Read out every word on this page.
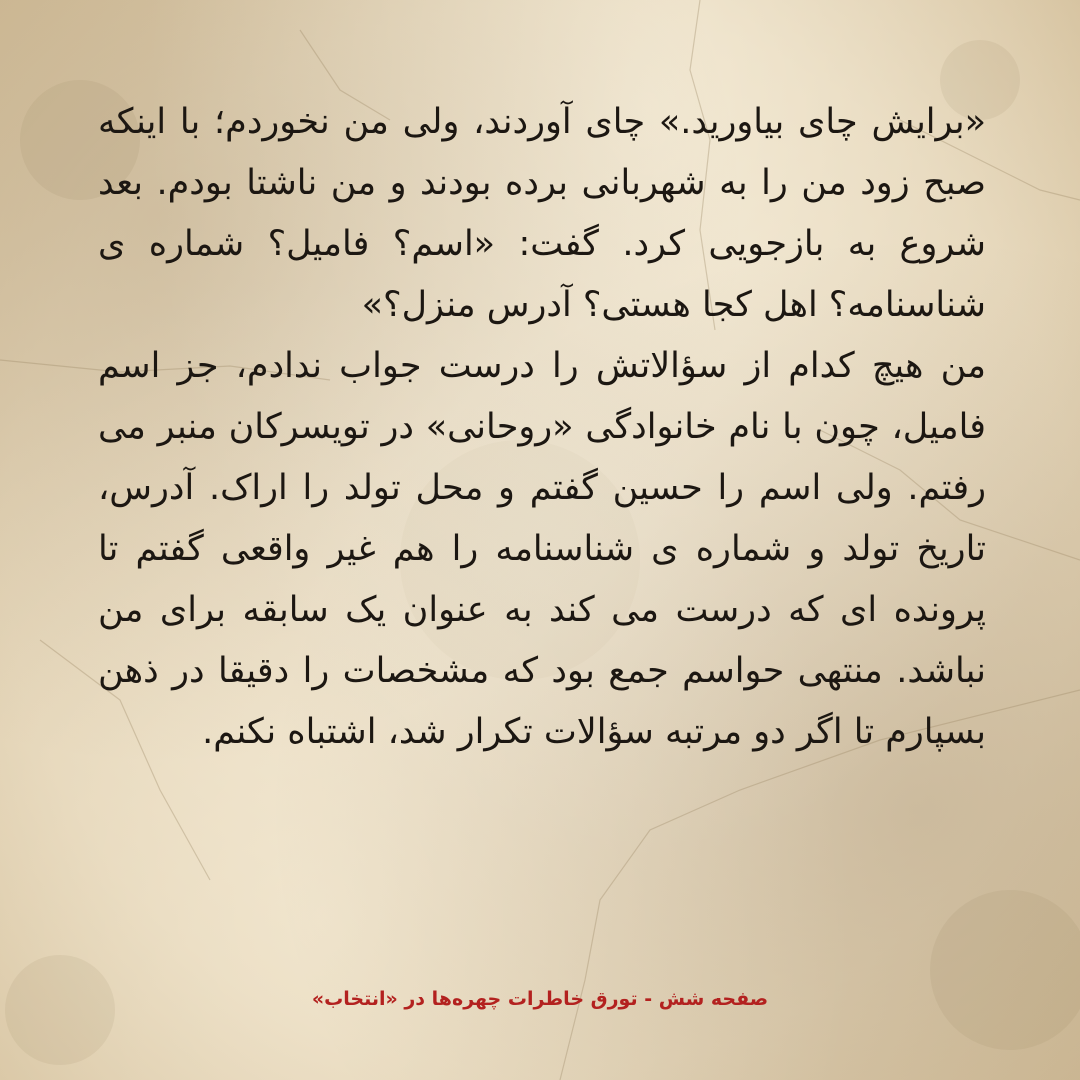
«برایش چای بیاورید.» چای آوردند، ولی من نخوردم؛ با اینکه صبح زود من را به شهربانی برده بودند و من ناشتا بودم. بعد شروع به بازجویی کرد. گفت: «اسم؟ فامیل؟ شماره ی شناسنامه؟ اهل کجا هستی؟ آدرس منزل؟»

من هیچ کدام از سؤالاتش را درست جواب ندادم، جز اسم فامیل، چون با نام خانوادگی «روحانی» در تویسرکان منبر می رفتم. ولی اسم را حسین گفتم و محل تولد را اراک. آدرس، تاریخ تولد و شماره ی شناسنامه را هم غیر واقعی گفتم تا پرونده ای که درست می کند به عنوان یک سابقه برای من نباشد. منتهی حواسم جمع بود که مشخصات را دقیقا در ذهن بسپارم تا اگر دو مرتبه سؤالات تکرار شد، اشتباه نکنم.

صفحه شش - تورق خاطرات چهره‌ها در «انتخاب»
